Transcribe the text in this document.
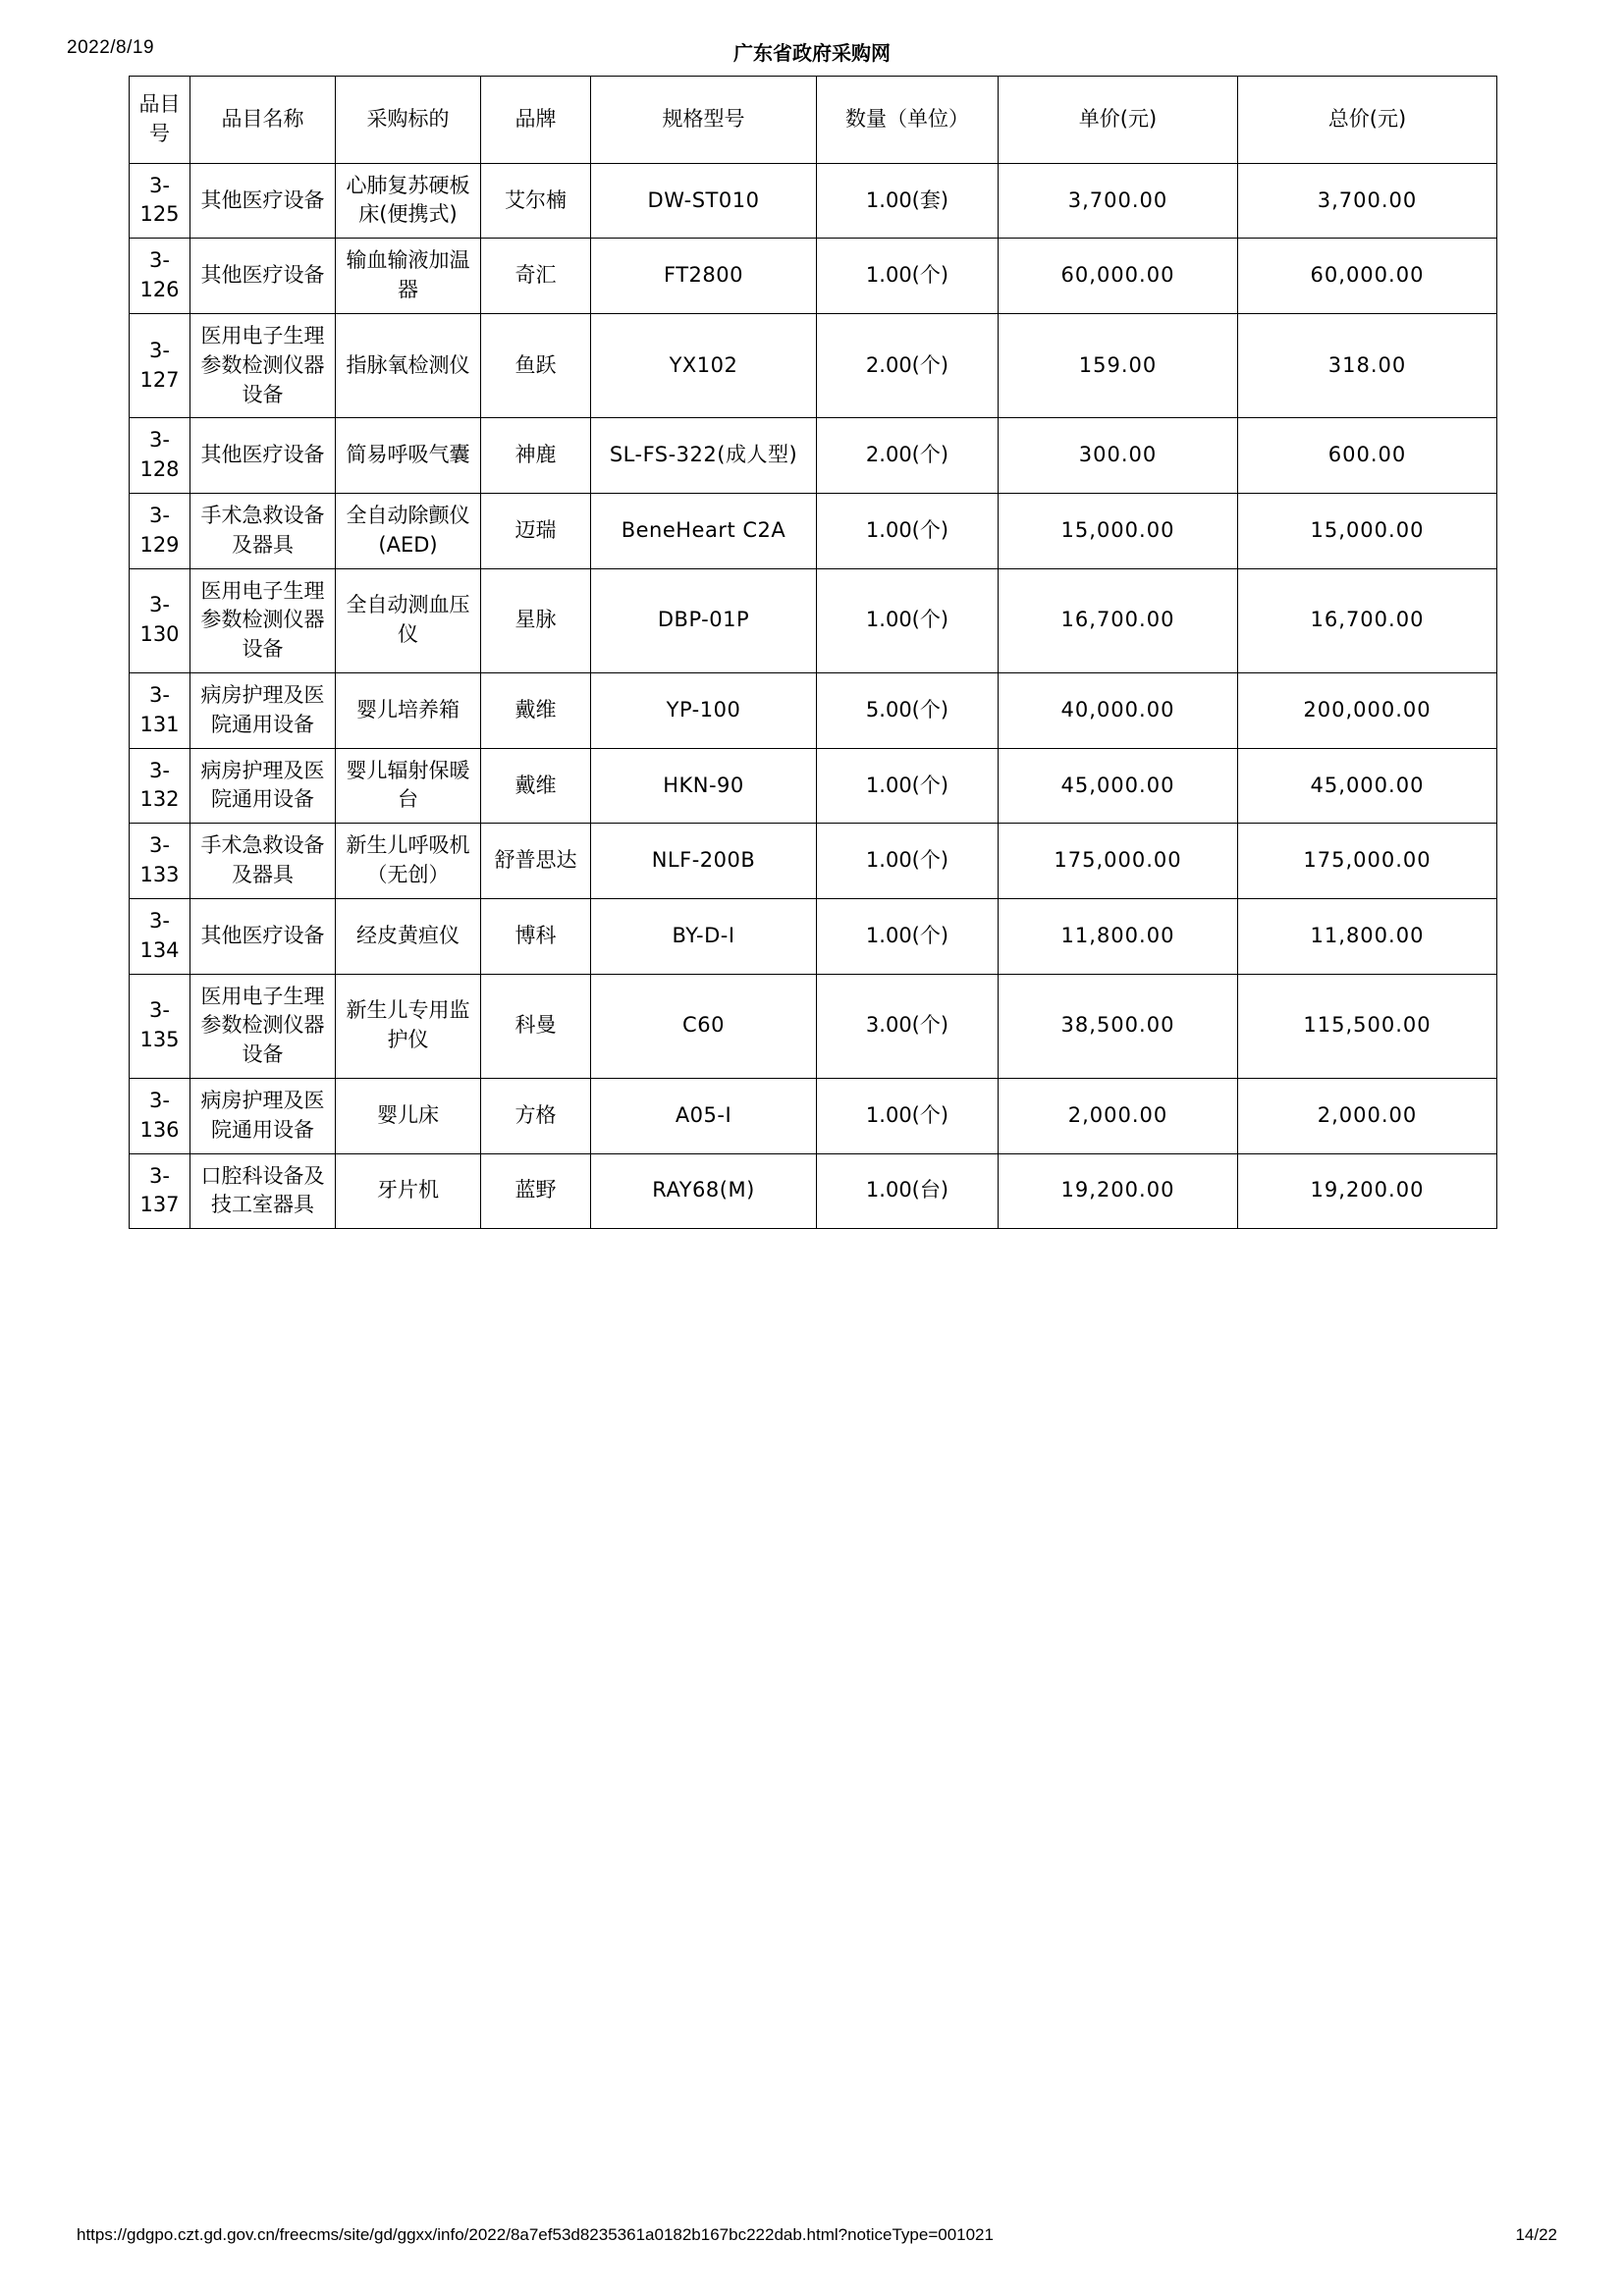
2022/8/19	广东省政府采购网
品目号	品目名称	采购标的	品牌	规格型号	数量（单位）	单价(元)	总价(元)
3-125	其他医疗设备	心肺复苏硬板床(便携式)	艾尔楠	DW-ST010	1.00(套)	3,700.00	3,700.00
3-126	其他医疗设备	输血输液加温器	奇汇	FT2800	1.00(个)	60,000.00	60,000.00
3-127	医用电子生理参数检测仪器设备	指脉氧检测仪	鱼跃	YX102	2.00(个)	159.00	318.00
3-128	其他医疗设备	简易呼吸气囊	神鹿	SL-FS-322(成人型)	2.00(个)	300.00	600.00
3-129	手术急救设备及器具	全自动除颤仪(AED)	迈瑞	BeneHeart C2A	1.00(个)	15,000.00	15,000.00
3-130	医用电子生理参数检测仪器设备	全自动测血压仪	星脉	DBP-01P	1.00(个)	16,700.00	16,700.00
3-131	病房护理及医院通用设备	婴儿培养箱	戴维	YP-100	5.00(个)	40,000.00	200,000.00
3-132	病房护理及医院通用设备	婴儿辐射保暖台	戴维	HKN-90	1.00(个)	45,000.00	45,000.00
3-133	手术急救设备及器具	新生儿呼吸机（无创）	舒普思达	NLF-200B	1.00(个)	175,000.00	175,000.00
3-134	其他医疗设备	经皮黄疸仪	博科	BY-D-I	1.00(个)	11,800.00	11,800.00
3-135	医用电子生理参数检测仪器设备	新生儿专用监护仪	科曼	C60	3.00(个)	38,500.00	115,500.00
3-136	病房护理及医院通用设备	婴儿床	方格	A05-I	1.00(个)	2,000.00	2,000.00
3-137	口腔科设备及技工室器具	牙片机	蓝野	RAY68(M)	1.00(台)	19,200.00	19,200.00
https://gdgpo.czt.gd.gov.cn/freecms/site/gd/ggxx/info/2022/8a7ef53d8235361a0182b167bc222dab.html?noticeType=001021	14/22
